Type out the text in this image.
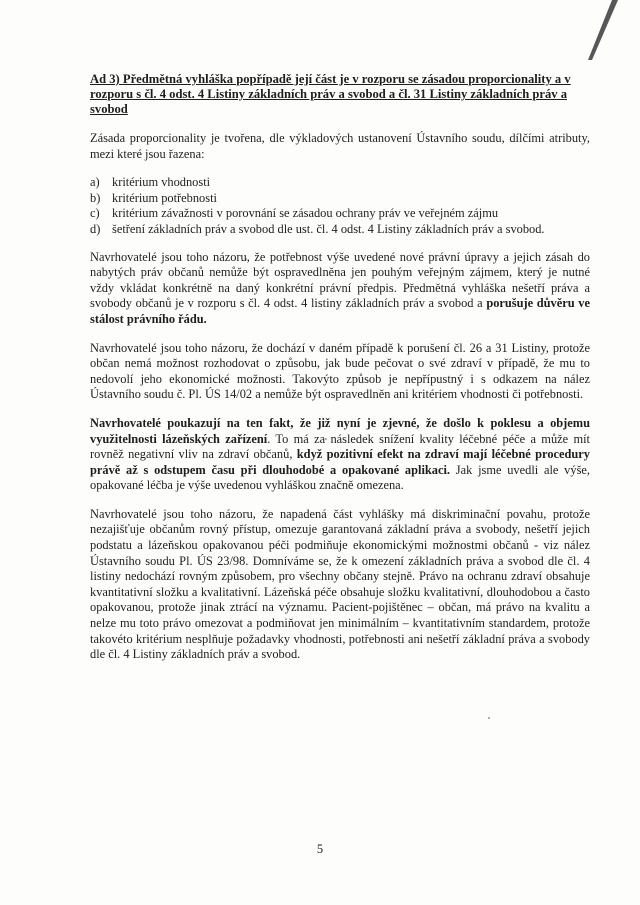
Ad 3) Předmětná vyhláška popřípadě její část je v rozporu se zásadou proporcionality a v rozporu s čl. 4 odst. 4 Listiny základních práv a svobod a čl. 31 Listiny základních práv a svobod

Zásada proporcionality je tvořena, dle výkladových ustanovení Ústavního soudu, dílčími atributy, mezi které jsou řazena:

a) kritérium vhodnosti
b) kritérium potřebnosti
c) kritérium závažnosti v porovnání se zásadou ochrany práv ve veřejném zájmu
d) šetření základních práv a svobod dle ust. čl. 4 odst. 4 Listiny základních práv a svobod.

Navrhovatelé jsou toho názoru, že potřebnost výše uvedené nové právní úpravy a jejich zásah do nabytých práv občanů nemůže být ospravedlněna jen pouhým veřejným zájmem, který je nutné vždy vkládat konkrétně na daný konkrétní právní předpis. Předmětná vyhláška nešetří práva a svobody občanů je v rozporu s čl. 4 odst. 4 listiny základních práv a svobod a porušuje důvěru ve stálost právního řádu.

Navrhovatelé jsou toho názoru, že dochází v daném případě k porušení čl. 26 a 31 Listiny, protože občan nemá možnost rozhodovat o způsobu, jak bude pečovat o své zdraví v případě, že mu to nedovolí jeho ekonomické možnosti. Takovýto způsob je nepřípustný i s odkazem na nález Ústavního soudu č. Pl. ÚS 14/02 a nemůže být ospravedlněn ani kritériem vhodnosti či potřebnosti.

Navrhovatelé poukazují na ten fakt, že již nyní je zjevné, že došlo k poklesu a objemu využitelnosti lázeňských zařízení. To má za následek snížení kvality léčebné péče a může mít rovněž negativní vliv na zdraví občanů, když pozitivní efekt na zdraví mají léčebné procedury právě až s odstupem času při dlouhodobé a opakované aplikaci. Jak jsme uvedli ale výše, opakované léčba je výše uvedenou vyhláškou značně omezena.

Navrhovatelé jsou toho názoru, že napadená část vyhlášky má diskriminační povahu, protože nezajišťuje občanům rovný přístup, omezuje garantovaná základní práva a svobody, nešetří jejich podstatu a lázeňskou opakovanou péči podmiňuje ekonomickými možnostmi občanů - viz nález Ústavního soudu Pl. ÚS 23/98. Domníváme se, že k omezení základních práva a svobod dle čl. 4 listiny nedochází rovným způsobem, pro všechny občany stejně. Právo na ochranu zdraví obsahuje kvantitativní složku a kvalitativní. Lázeňská péče obsahuje složku kvalitativní, dlouhodobou a často opakovanou, protože jinak ztrácí na významu. Pacient-pojištěnec – občan, má právo na kvalitu a nelze mu toto právo omezovat a podmiňovat jen minimálním – kvantitativním standardem, protože takovéto kritérium nesplňuje požadavky vhodnosti, potřebnosti ani nešetří základní práva a svobody dle čl. 4 Listiny základních práv a svobod.

5
